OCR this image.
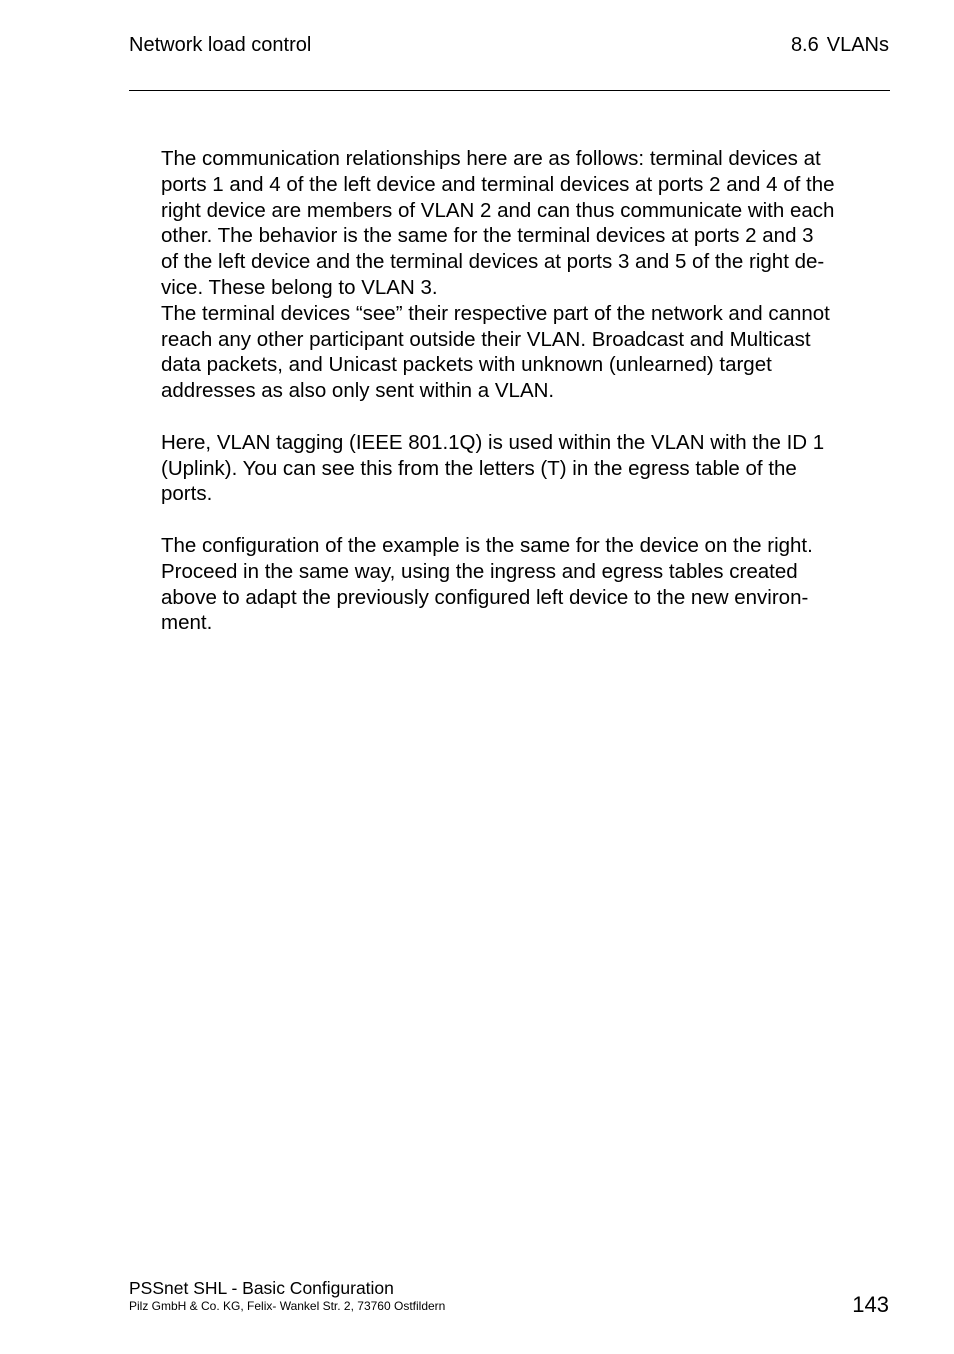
Network load control	8.6 VLANs

The communication relationships here are as follows: terminal devices at
ports 1 and 4 of the left device and terminal devices at ports 2 and 4 of the
right device are members of VLAN 2 and can thus communicate with each
other. The behavior is the same for the terminal devices at ports 2 and 3
of the left device and the terminal devices at ports 3 and 5 of the right de-
vice. These belong to VLAN 3.

The terminal devices “see” their respective part of the network and cannot
reach any other participant outside their VLAN. Broadcast and Multicast
data packets, and Unicast packets with unknown (unlearned) target
addresses as also only sent within a VLAN.

Here, VLAN tagging (IEEE 801.1Q) is used within the VLAN with the ID 1
(Uplink). You can see this from the letters (T) in the egress table of the
ports.

The configuration of the example is the same for the device on the right.
Proceed in the same way, using the ingress and egress tables created
above to adapt the previously configured left device to the new environ-
ment.

PSSnet SHL - Basic Configuration
Pilz GmbH & Co. KG, Felix- Wankel Str. 2, 73760 Ostfildern	143
